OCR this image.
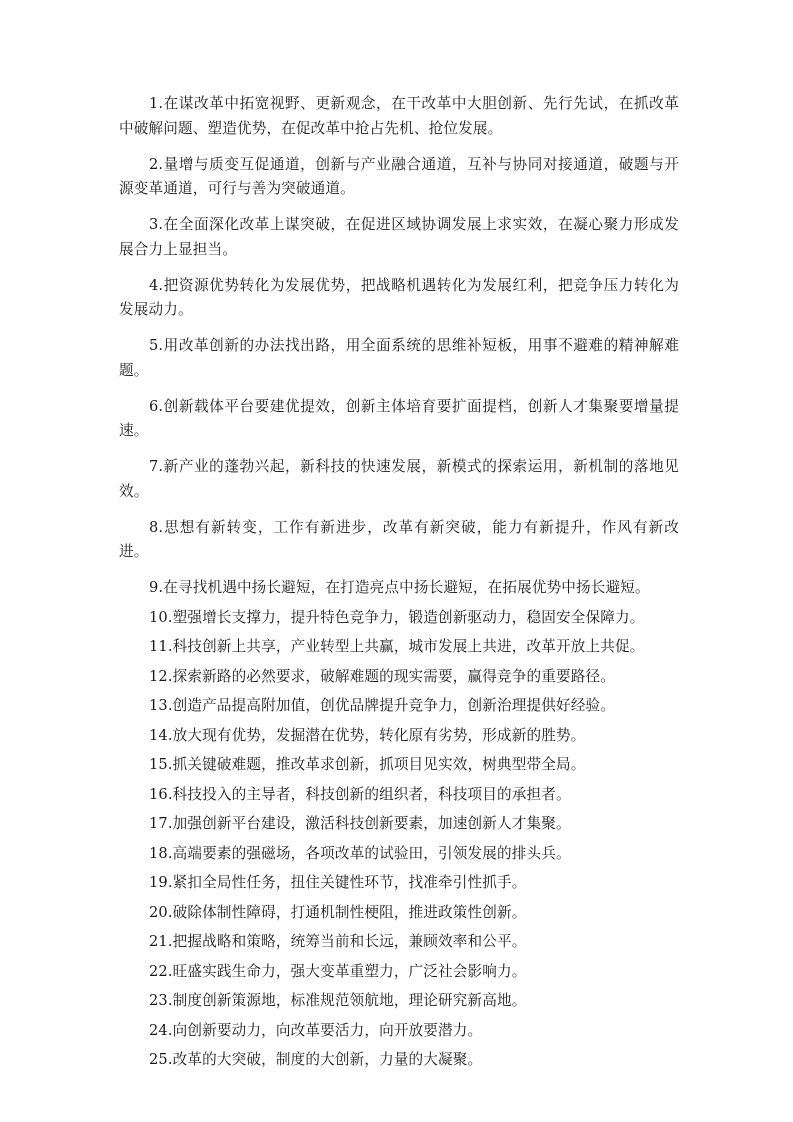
1.在谋改革中拓宽视野、更新观念，在干改革中大胆创新、先行先试，在抓改革中破解问题、塑造优势，在促改革中抢占先机、抢位发展。

2.量增与质变互促通道，创新与产业融合通道，互补与协同对接通道，破题与开源变革通道，可行与善为突破通道。

3.在全面深化改革上谋突破，在促进区域协调发展上求实效，在凝心聚力形成发展合力上显担当。

4.把资源优势转化为发展优势，把战略机遇转化为发展红利，把竞争压力转化为发展动力。

5.用改革创新的办法找出路，用全面系统的思维补短板，用事不避难的精神解难题。

6.创新载体平台要建优提效，创新主体培育要扩面提档，创新人才集聚要增量提速。

7.新产业的蓬勃兴起，新科技的快速发展，新模式的探索运用，新机制的落地见效。

8.思想有新转变，工作有新进步，改革有新突破，能力有新提升，作风有新改进。

9.在寻找机遇中扬长避短，在打造亮点中扬长避短，在拓展优势中扬长避短。

10.塑强增长支撑力，提升特色竞争力，锻造创新驱动力，稳固安全保障力。

11.科技创新上共享，产业转型上共赢，城市发展上共进，改革开放上共促。

12.探索新路的必然要求，破解难题的现实需要，赢得竞争的重要路径。

13.创造产品提高附加值，创优品牌提升竞争力，创新治理提供好经验。

14.放大现有优势，发掘潜在优势，转化原有劣势，形成新的胜势。

15.抓关键破难题，推改革求创新，抓项目见实效，树典型带全局。

16.科技投入的主导者，科技创新的组织者，科技项目的承担者。

17.加强创新平台建设，激活科技创新要素，加速创新人才集聚。

18.高端要素的强磁场，各项改革的试验田，引领发展的排头兵。

19.紧扣全局性任务，扭住关键性环节，找准牵引性抓手。

20.破除体制性障碍，打通机制性梗阻，推进政策性创新。

21.把握战略和策略，统筹当前和长远，兼顾效率和公平。

22.旺盛实践生命力，强大变革重塑力，广泛社会影响力。

23.制度创新策源地，标准规范领航地，理论研究新高地。

24.向创新要动力，向改革要活力，向开放要潜力。

25.改革的大突破，制度的大创新，力量的大凝聚。
